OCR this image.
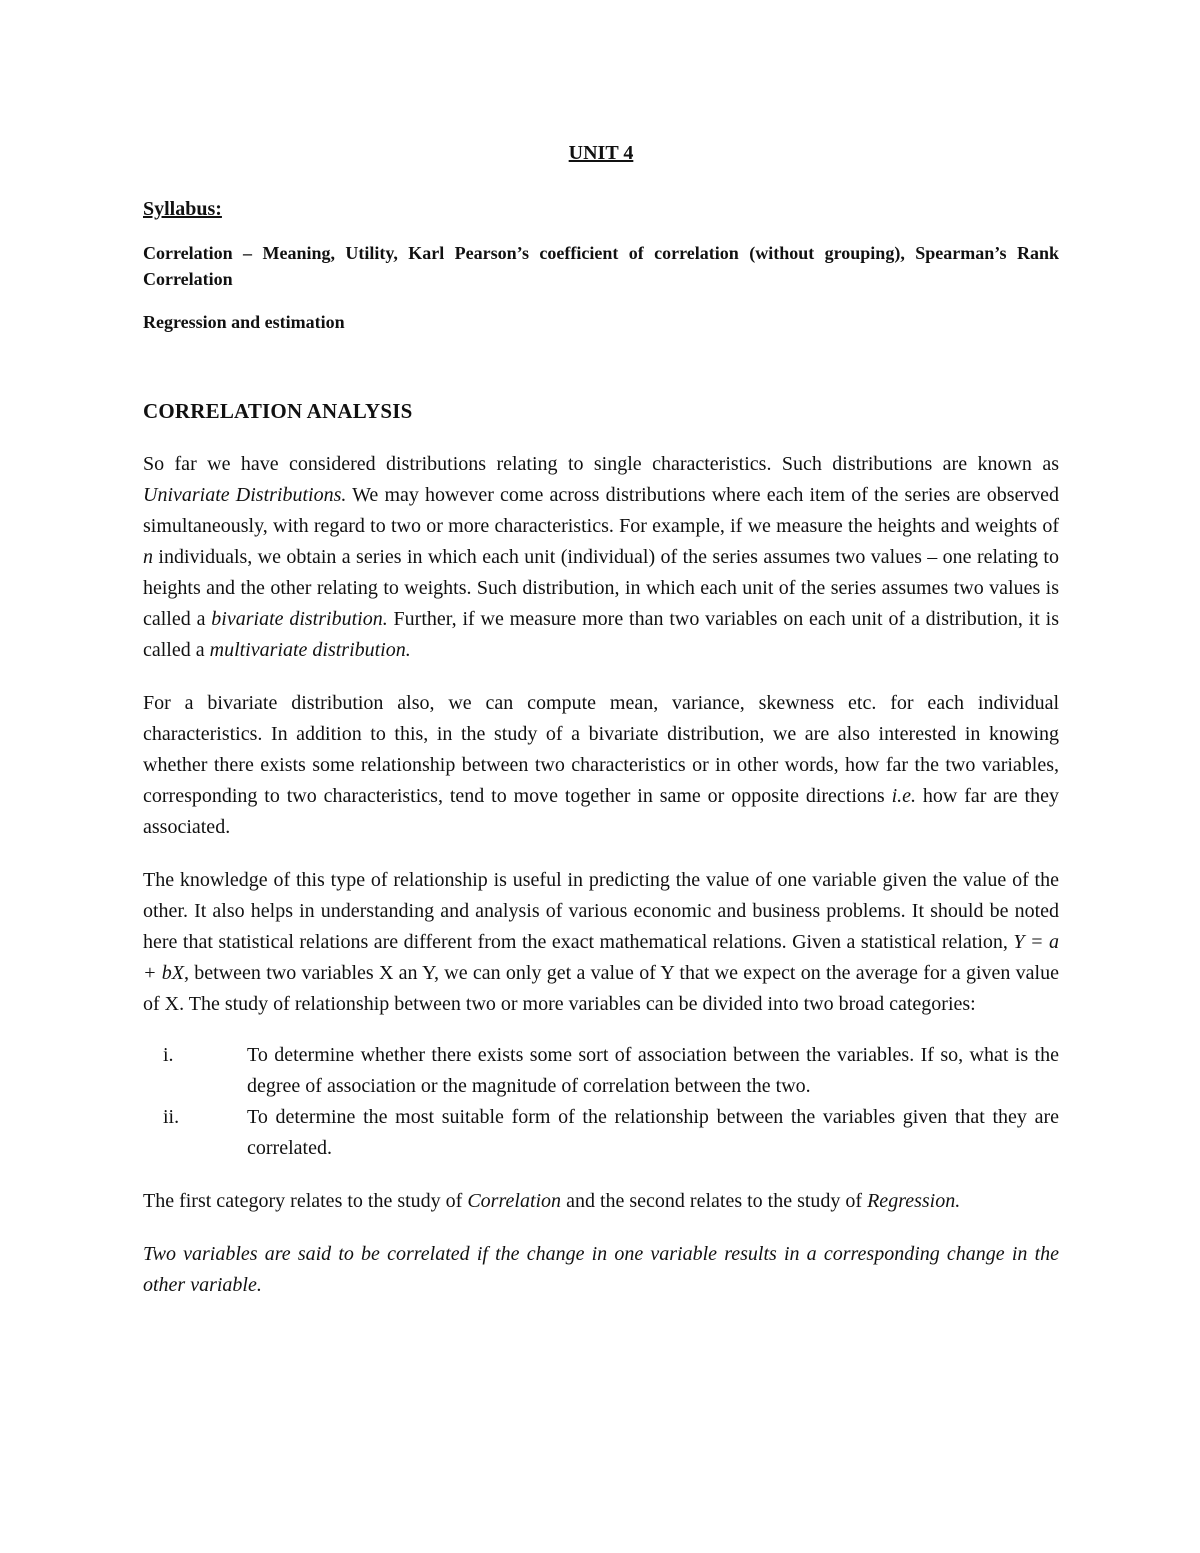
UNIT 4

Syllabus:

Correlation – Meaning, Utility, Karl Pearson’s coefficient of correlation (without grouping), Spearman’s Rank Correlation

Regression and estimation

CORRELATION ANALYSIS

So far we have considered distributions relating to single characteristics. Such distributions are known as Univariate Distributions. We may however come across distributions where each item of the series are observed simultaneously, with regard to two or more characteristics. For example, if we measure the heights and weights of n individuals, we obtain a series in which each unit (individual) of the series assumes two values – one relating to heights and the other relating to weights. Such distribution, in which each unit of the series assumes two values is called a bivariate distribution. Further, if we measure more than two variables on each unit of a distribution, it is called a multivariate distribution.

For a bivariate distribution also, we can compute mean, variance, skewness etc. for each individual characteristics. In addition to this, in the study of a bivariate distribution, we are also interested in knowing whether there exists some relationship between two characteristics or in other words, how far the two variables, corresponding to two characteristics, tend to move together in same or opposite directions i.e. how far are they associated.

The knowledge of this type of relationship is useful in predicting the value of one variable given the value of the other. It also helps in understanding and analysis of various economic and business problems. It should be noted here that statistical relations are different from the exact mathematical relations. Given a statistical relation, Y = a + bX, between two variables X an Y, we can only get a value of Y that we expect on the average for a given value of X. The study of relationship between two or more variables can be divided into two broad categories:

i.	To determine whether there exists some sort of association between the variables. If so, what is the degree of association or the magnitude of correlation between the two.
ii.	To determine the most suitable form of the relationship between the variables given that they are correlated.

The first category relates to the study of Correlation and the second relates to the study of Regression.

Two variables are said to be correlated if the change in one variable results in a corresponding change in the other variable.
